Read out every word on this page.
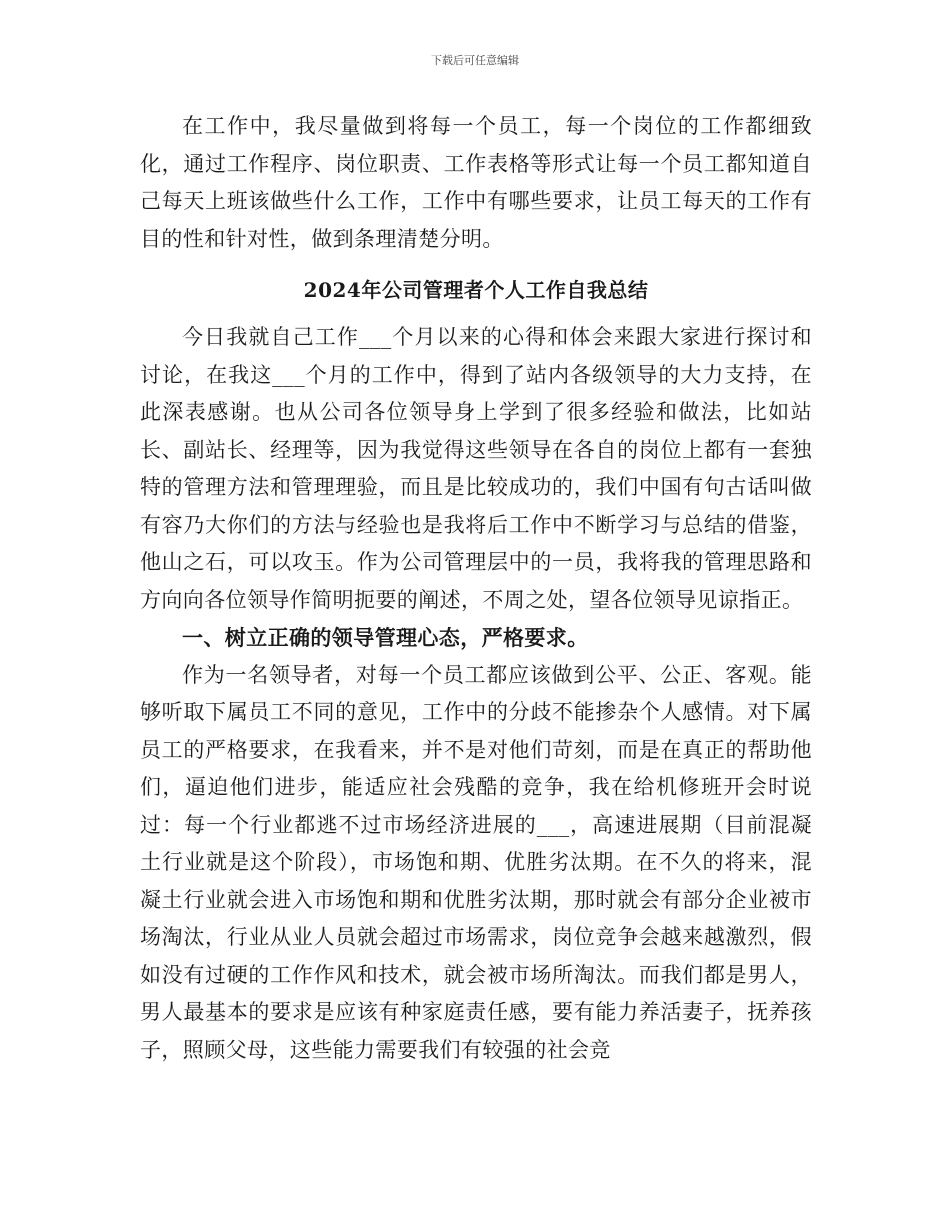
下载后可任意编辑

在工作中，我尽量做到将每一个员工，每一个岗位的工作都细致化，通过工作程序、岗位职责、工作表格等形式让每一个员工都知道自己每天上班该做些什么工作，工作中有哪些要求，让员工每天的工作有目的性和针对性，做到条理清楚分明。

2024年公司管理者个人工作自我总结

今日我就自己工作___个月以来的心得和体会来跟大家进行探讨和讨论，在我这___个月的工作中，得到了站内各级领导的大力支持，在此深表感谢。也从公司各位领导身上学到了很多经验和做法，比如站长、副站长、经理等，因为我觉得这些领导在各自的岗位上都有一套独特的管理方法和管理理验，而且是比较成功的，我们中国有句古话叫做有容乃大你们的方法与经验也是我将后工作中不断学习与总结的借鉴，他山之石，可以攻玉。作为公司管理层中的一员，我将我的管理思路和方向向各位领导作简明扼要的阐述，不周之处，望各位领导见谅指正。

一、树立正确的领导管理心态，严格要求。

作为一名领导者，对每一个员工都应该做到公平、公正、客观。能够听取下属员工不同的意见，工作中的分歧不能掺杂个人感情。对下属员工的严格要求，在我看来，并不是对他们苛刻，而是在真正的帮助他们，逼迫他们进步，能适应社会残酷的竞争，我在给机修班开会时说过：每一个行业都逃不过市场经济进展的___，高速进展期（目前混凝土行业就是这个阶段），市场饱和期、优胜劣汰期。在不久的将来，混凝土行业就会进入市场饱和期和优胜劣汰期，那时就会有部分企业被市场淘汰，行业从业人员就会超过市场需求，岗位竞争会越来越激烈，假如没有过硬的工作作风和技术，就会被市场所淘汰。而我们都是男人，男人最基本的要求是应该有种家庭责任感，要有能力养活妻子，抚养孩子，照顾父母，这些能力需要我们有较强的社会竞
